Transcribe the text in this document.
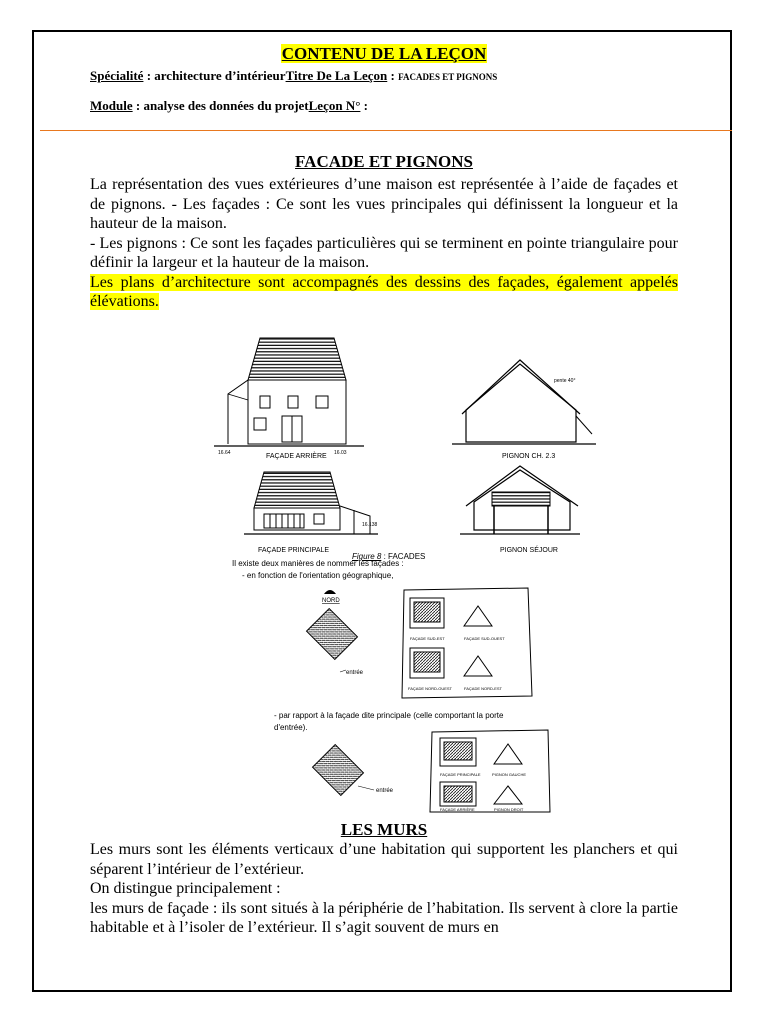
CONTENU DE LA LEÇON
Spécialité : architecture d’intérieurTitre De La Leçon : FACADES ET PIGNONS
Module : analyse des données du projetLeçon N° :
FACADE ET PIGNONS

La représentation des vues extérieures d’une maison est représentée à l’aide de façades et de pignons. - Les façades : Ce sont les vues principales qui définissent la longueur et la hauteur de la maison.

- Les pignons : Ce sont les façades particulières qui se terminent en pointe triangulaire pour définir la largeur et la hauteur de la maison.

Les plans d’architecture sont accompagnés des dessins des façades, également appelés élévations.

16.64	16.03
FAÇADE ARRIÈRE
pente 40°
PIGNON CH. 2.3
16.138
FAÇADE PRINCIPALE
Figure 8 : FACADES
PIGNON SÉJOUR
Il existe deux manières de nommer les façades :
- en fonction de l'orientation géographique,
NORD
entrée
FAÇADE SUD-EST	FAÇADE SUD-OUEST
FAÇADE NORD-OUEST	FAÇADE NORD-EST
- par rapport à la façade dite principale (celle comportant la porte
d'entrée).
entrée
FAÇADE PRINCIPALE	PIGNON GAUCHE
FAÇADE ARRIÈRE	PIGNON DROIT
LES MURS

Les murs sont les éléments verticaux d’une habitation qui supportent les planchers et qui séparent l’intérieur de l’extérieur.

On distingue principalement :

les murs de façade : ils sont situés à la périphérie de l’habitation. Ils servent à clore la partie habitable et à l’isoler de l’extérieur. Il s’agit souvent de murs en
